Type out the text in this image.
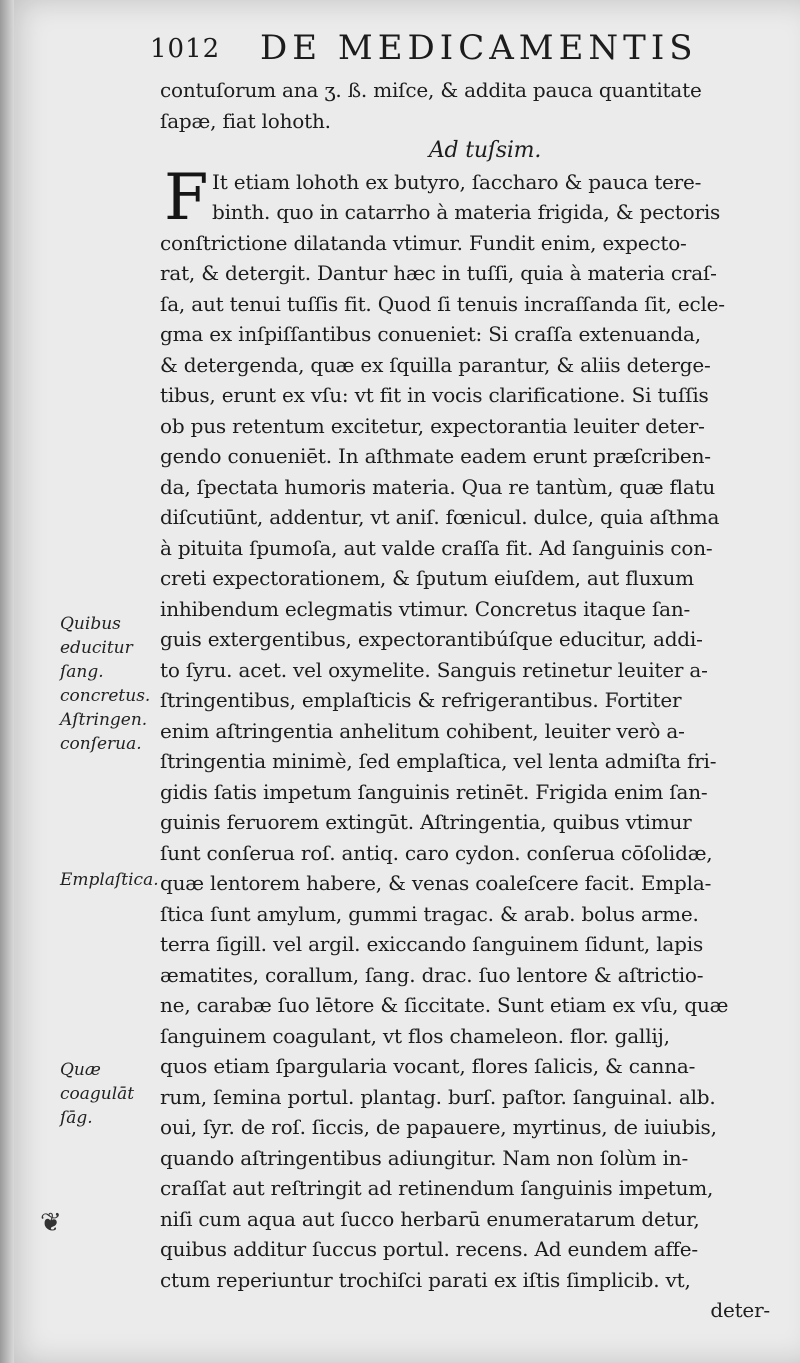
1012 DE MEDICAMENTIS
F
contuſorum ana ʒ. ß. miſce, & addita pauca quantitate
ſapæ, fiat lohoth.
Ad tuſsim.
It etiam lohoth ex butyro, ſaccharo & pauca tere-
binth. quo in catarrho à materia frigida, & pectoris
conſtrictione dilatanda vtimur. Fundit enim, expecto-
rat, & detergit. Dantur hæc in tuſſi, quia à materia craſ-
ſa, aut tenui tuſſis fit. Quod ſi tenuis incraſſanda ſit, ecle-
gma ex inſpiſſantibus conueniet: Si craſſa extenuanda,
& detergenda, quæ ex ſquilla parantur, & aliis deterge-
tibus, erunt ex vſu: vt fit in vocis clarificatione. Si tuſſis
ob pus retentum excitetur, expectorantia leuiter deter-
gendo conueniēt. In aſthmate eadem erunt præſcriben-
da, ſpectata humoris materia. Qua re tantùm, quæ flatu
diſcutiūnt, addentur, vt aniſ. fœnicul. dulce, quia aſthma
à pituita ſpumoſa, aut valde craſſa fit. Ad ſanguinis con-
creti expectorationem, & ſputum eiuſdem, aut fluxum
inhibendum eclegmatis vtimur. Concretus itaque ſan-
guis extergentibus, expectorantibúſque educitur, addi-
to ſyru. acet. vel oxymelite. Sanguis retinetur leuiter a-
ſtringentibus, emplaſticis & refrigerantibus. Fortiter
enim aſtringentia anhelitum cohibent, leuiter verò a-
ſtringentia minimè, ſed emplaſtica, vel lenta admiſta fri-
gidis ſatis impetum ſanguinis retinēt. Frigida enim ſan-
guinis feruorem extingūt. Aſtringentia, quibus vtimur
ſunt conſerua roſ. antiq. caro cydon. conſerua cōſolidæ,
quæ lentorem habere, & venas coaleſcere facit. Empla-
ſtica ſunt amylum, gummi tragac. & arab. bolus arme.
terra ſigill. vel argil. exiccando ſanguinem ſidunt, lapis
æmatites, corallum, ſang. drac. ſuo lentore & aſtrictio-
ne, carabæ ſuo lētore & ſiccitate. Sunt etiam ex vſu, quæ
ſanguinem coagulant, vt flos chameleon. flor. gallij,
quos etiam ſpargularia vocant, flores ſalicis, & canna-
rum, ſemina portul. plantag. burſ. paſtor. ſanguinal. alb.
oui, ſyr. de roſ. ſiccis, de papauere, myrtinus, de iuiubis,
quando aſtringentibus adiungitur. Nam non ſolùm in-
craſſat aut reſtringit ad retinendum ſanguinis impetum,
niſi cum aqua aut ſucco herbarū enumeratarum detur,
quibus additur ſuccus portul. recens. Ad eundem affe-
ctum reperiuntur trochiſci parati ex iſtis ſimplicib. vt,
deter-
Quibus educitur ſang. concretus. Aſtringen. conſerua.
Emplaſtica.
Quæ coagulāt ſāg.
❦
